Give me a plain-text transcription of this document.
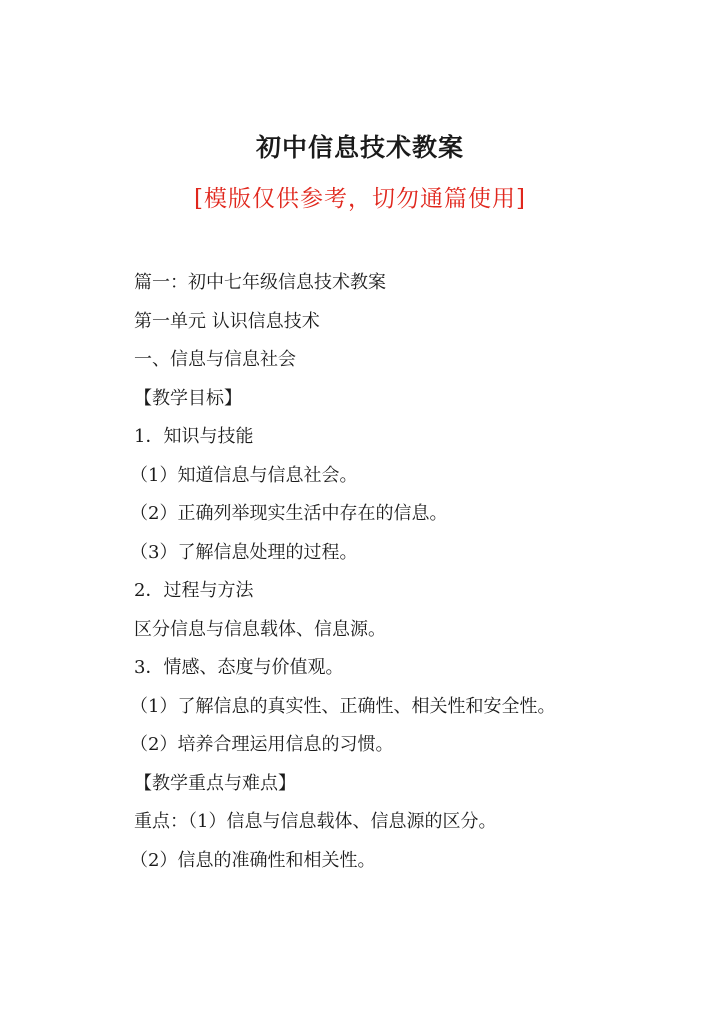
初中信息技术教案
[模版仅供参考，切勿通篇使用]
篇一：初中七年级信息技术教案
第一单元 认识信息技术
一、信息与信息社会
【教学目标】
1．知识与技能
（1）知道信息与信息社会。
（2）正确列举现实生活中存在的信息。
（3）了解信息处理的过程。
2．过程与方法
区分信息与信息载体、信息源。
3．情感、态度与价值观。
（1）了解信息的真实性、正确性、相关性和安全性。
（2）培养合理运用信息的习惯。
【教学重点与难点】
重点：（1）信息与信息载体、信息源的区分。
（2）信息的准确性和相关性。
